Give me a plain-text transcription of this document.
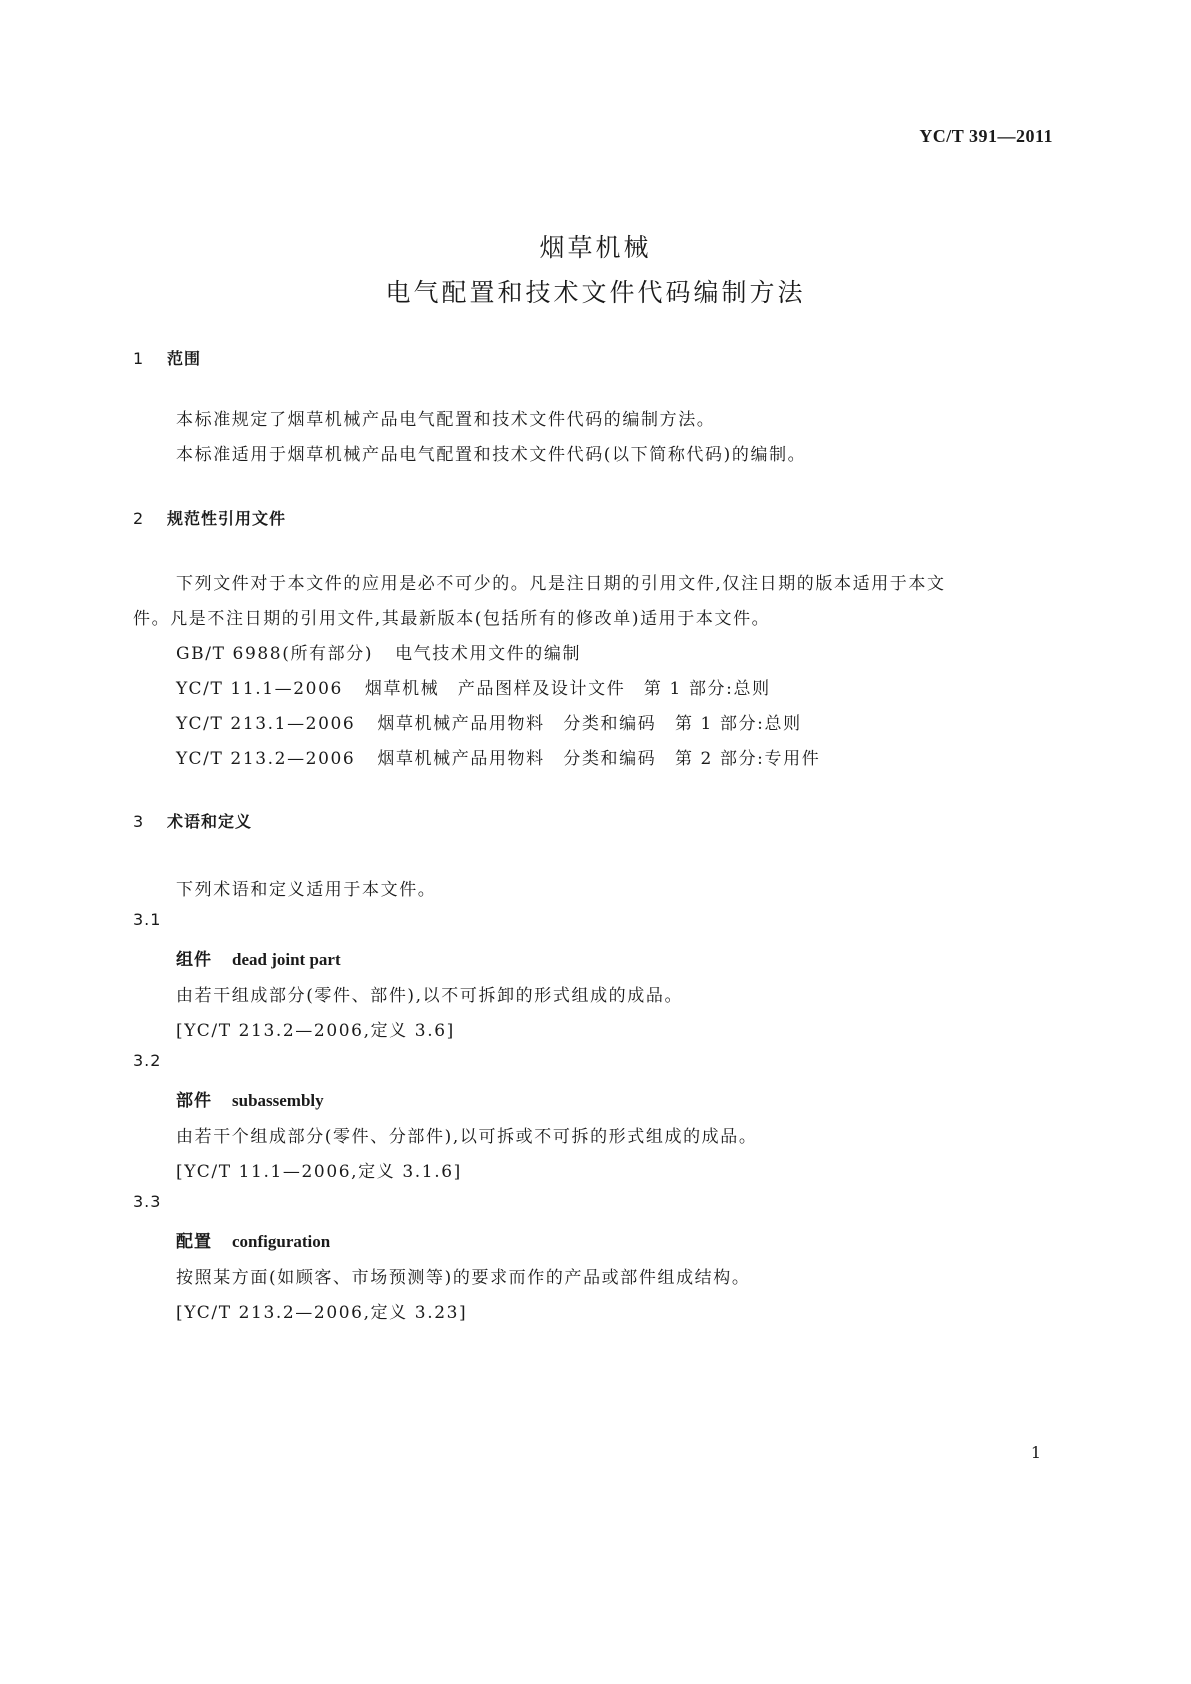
YC/T 391—2011
烟草机械
电气配置和技术文件代码编制方法
1 范围
本标准规定了烟草机械产品电气配置和技术文件代码的编制方法。
本标准适用于烟草机械产品电气配置和技术文件代码(以下简称代码)的编制。
2 规范性引用文件
下列文件对于本文件的应用是必不可少的。凡是注日期的引用文件,仅注日期的版本适用于本文
件。凡是不注日期的引用文件,其最新版本(包括所有的修改单)适用于本文件。
GB/T 6988(所有部分) 电气技术用文件的编制
YC/T 11.1—2006 烟草机械　产品图样及设计文件　第 1 部分:总则
YC/T 213.1—2006 烟草机械产品用物料　分类和编码　第 1 部分:总则
YC/T 213.2—2006 烟草机械产品用物料　分类和编码　第 2 部分:专用件
3 术语和定义
下列术语和定义适用于本文件。
3.1
组件 dead joint part
由若干组成部分(零件、部件),以不可拆卸的形式组成的成品。
[YC/T 213.2—2006,定义 3.6]
3.2
部件 subassembly
由若干个组成部分(零件、分部件),以可拆或不可拆的形式组成的成品。
[YC/T 11.1—2006,定义 3.1.6]
3.3
配置 configuration
按照某方面(如顾客、市场预测等)的要求而作的产品或部件组成结构。
[YC/T 213.2—2006,定义 3.23]
1
